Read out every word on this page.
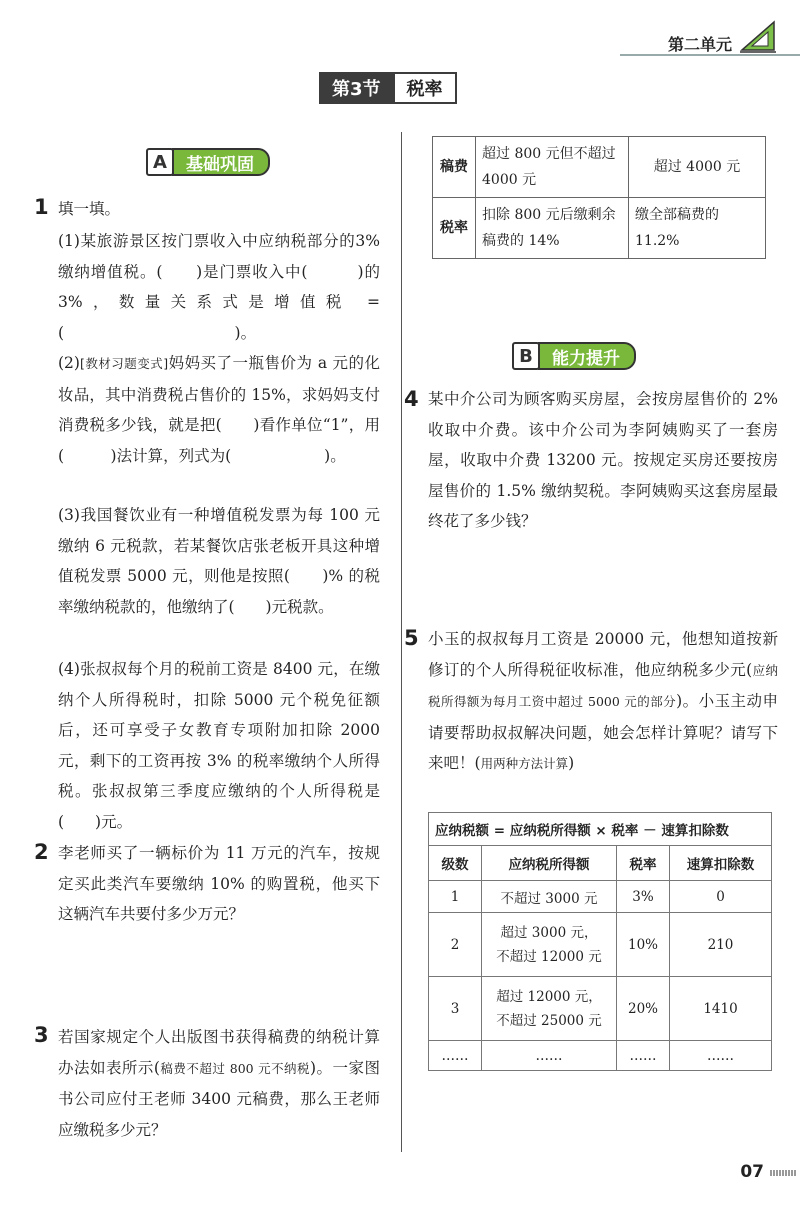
第二单元
第3节	税率
A	基础巩固
1 填一填。
(1)某旅游景区按门票收入中应纳税部分的3% 缴纳增值税。(　　)是门票收入中(　　　)的 3%，数量关系式是增值税 = (　　　　　　　　　　　)。
(2)[教材习题变式]妈妈买了一瓶售价为 a 元的化妆品，其中消费税占售价的 15%，求妈妈支付消费税多少钱，就是把(　　)看作单位“1”，用(　　　)法计算，列式为(　　　　　　)。
(3)我国餐饮业有一种增值税发票为每 100 元缴纳 6 元税款，若某餐饮店张老板开具这种增值税发票 5000 元，则他是按照(　　)% 的税率缴纳税款的，他缴纳了(　　)元税款。
(4)张叔叔每个月的税前工资是 8400 元，在缴纳个人所得税时，扣除 5000 元个税免征额后，还可享受子女教育专项附加扣除 2000 元，剩下的工资再按 3% 的税率缴纳个人所得税。张叔叔第三季度应缴纳的个人所得税是(　　)元。
2 李老师买了一辆标价为 11 万元的汽车，按规定买此类汽车要缴纳 10% 的购置税，他买下这辆汽车共要付多少万元？
3 若国家规定个人出版图书获得稿费的纳税计算办法如表所示(稿费不超过 800 元不纳税)。一家图书公司应付王老师 3400 元稿费，那么王老师应缴税多少元？
稿费	超过 800 元但不超过 4000 元	超过 4000 元
税率	扣除 800 元后缴剩余稿费的 14%	缴全部稿费的 11.2%
B	能力提升
4 某中介公司为顾客购买房屋，会按房屋售价的 2% 收取中介费。该中介公司为李阿姨购买了一套房屋，收取中介费 13200 元。按规定买房还要按房屋售价的 1.5% 缴纳契税。李阿姨购买这套房屋最终花了多少钱？
5 小玉的叔叔每月工资是 20000 元，他想知道按新修订的个人所得税征收标准，他应纳税多少元(应纳税所得额为每月工资中超过 5000 元的部分)。小玉主动申请要帮助叔叔解决问题，她会怎样计算呢？请写下来吧！(用两种方法计算)
应纳税额 = 应纳税所得额 × 税率 － 速算扣除数			
级数	应纳税所得额	税率	速算扣除数
1	不超过 3000 元	3%	0
2	超过 3000 元，
不超过 12000 元	10%	210
3	超过 12000 元，
不超过 25000 元	20%	1410
……	……	……	……
07
